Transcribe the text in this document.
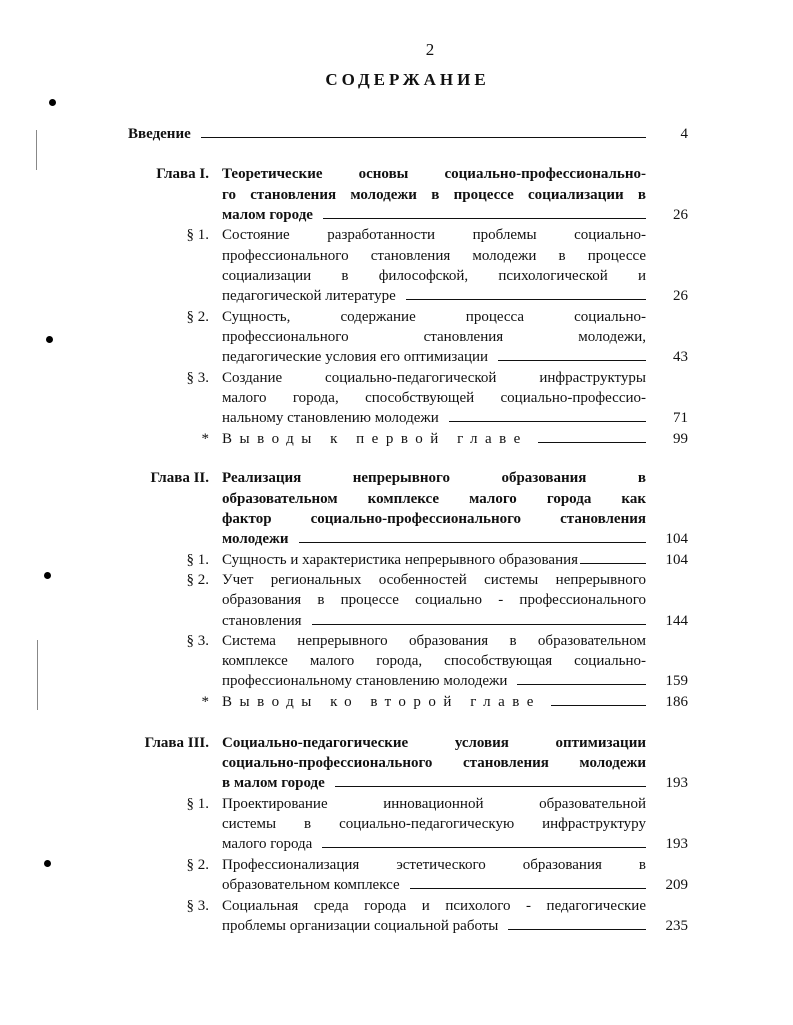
2
СОДЕРЖАНИЕ
Введение	4
Глава I. Теоретические основы социально-профессионально-
го становления молодежи в процессе социализации в
малом городе	26
§ 1. Состояние разработанности проблемы социально-
профессионального становления молодежи в процессе
социализации в философской, психологической и
педагогической литературе	26
§ 2. Сущность, содержание процесса социально-
профессионального становления молодежи,
педагогические условия его оптимизации	43
§ 3. Создание социально-педагогической инфраструктуры
малого города, способствующей социально-профессио-
нальному становлению молодежи	71
* Выводы к первой главе	99
Глава II. Реализация непрерывного образования в
образовательном комплексе малого города как
фактор социально-профессионального становления
молодежи	104
§ 1. Сущность и характеристика непрерывного образования	104
§ 2. Учет региональных особенностей системы непрерывного
образования в процессе социально - профессионального
становления	144
§ 3. Система непрерывного образования в образовательном
комплексе малого города, способствующая социально-
профессиональному становлению молодежи	159
* Выводы ко второй главе	186
Глава III. Социально-педагогические условия оптимизации
социально-профессионального становления молодежи
в малом городе	193
§ 1. Проектирование инновационной образовательной
системы в социально-педагогическую инфраструктуру
малого города	193
§ 2. Профессионализация эстетического образования в
образовательном комплексе	209
§ 3. Социальная среда города и психолого - педагогические
проблемы организации социальной работы	235
